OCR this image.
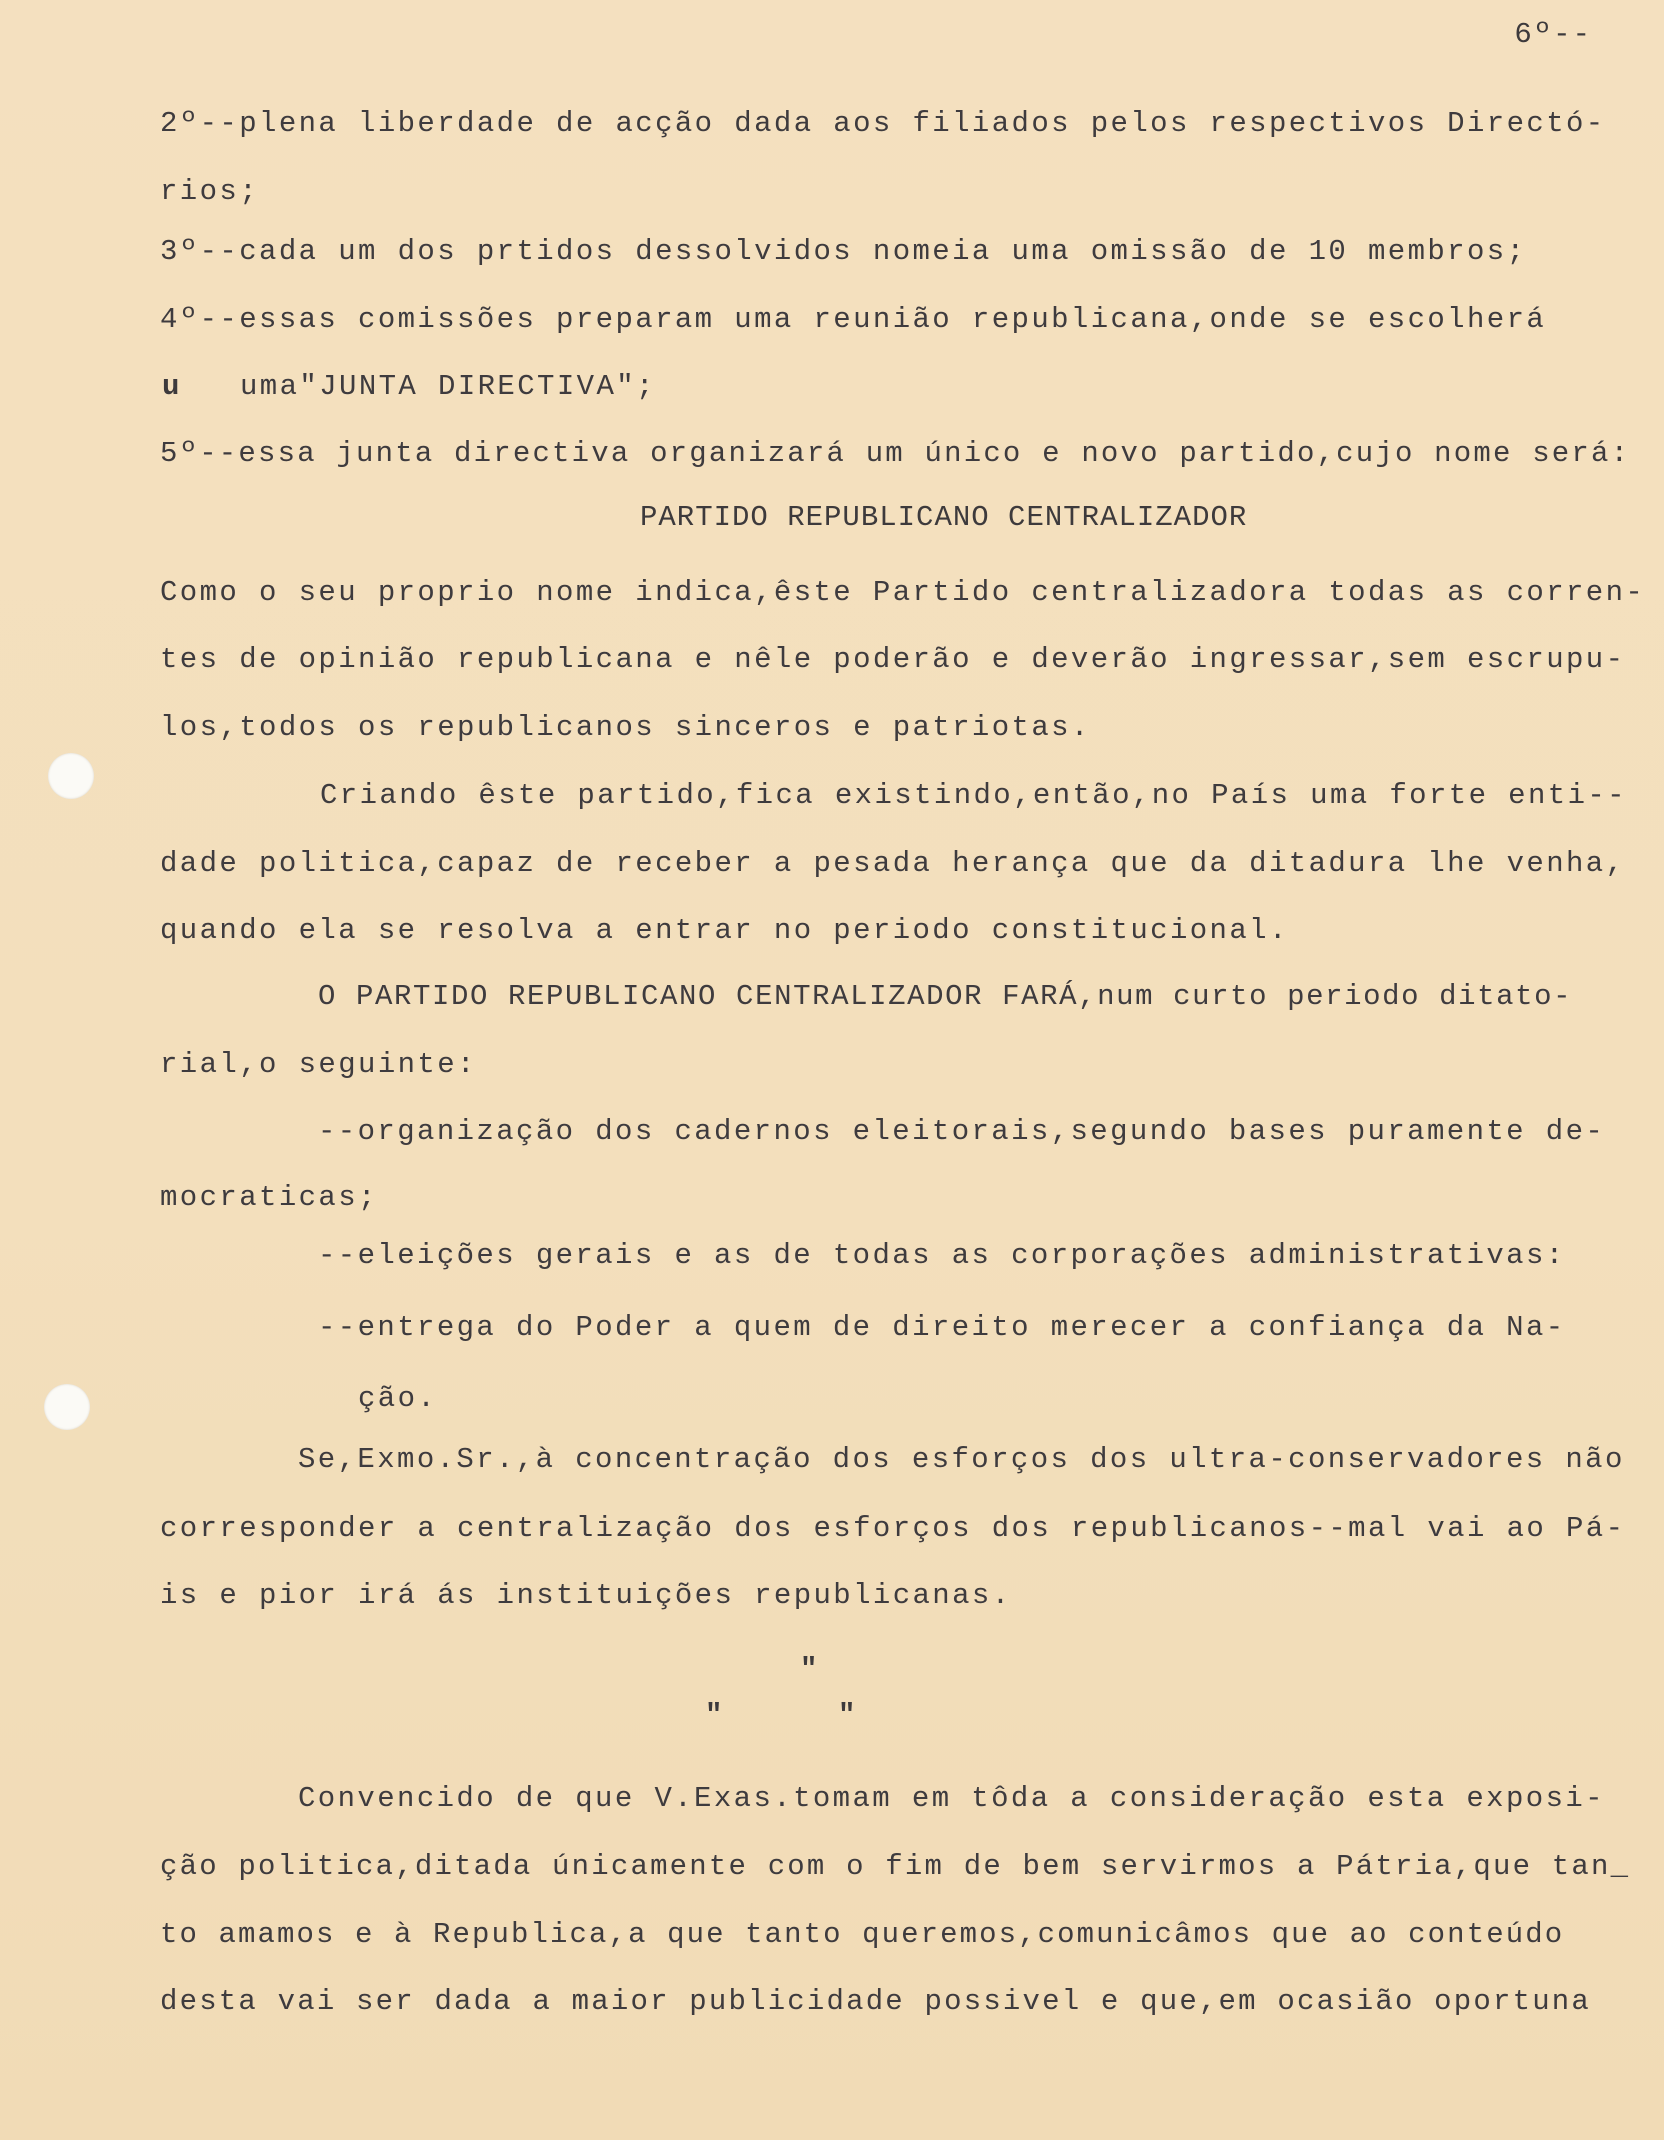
6º--
2º--plena liberdade de acção dada aos filiados pelos respectivos Directó-
rios;
3º--cada um dos prtidos dessolvidos nomeia uma omissão de 10 membros;
4º--essas comissões preparam uma reunião republicana,onde se escolherá
u uma"JUNTA DIRECTIVA";
5º--essa junta directiva organizará um único e novo partido,cujo nome será:
PARTIDO REPUBLICANO CENTRALIZADOR
Como o seu proprio nome indica,êste Partido centralizadora todas as corren-
tes de opinião republicana e nêle poderão e deverão ingressar,sem escrupu-
los,todos os republicanos sinceros e patriotas.
Criando êste partido,fica existindo,então,no País uma forte enti--
dade politica,capaz de receber a pesada herança que da ditadura lhe venha,
quando ela se resolva a entrar no periodo constitucional.
O PARTIDO REPUBLICANO CENTRALIZADOR FARÁ,num curto periodo ditato-
rial,o seguinte:
--organização dos cadernos eleitorais,segundo bases puramente de-
mocraticas;
--eleições gerais e as de todas as corporações administrativas:
--entrega do Poder a quem de direito merecer a confiança da Na-
ção.
Se,Exmo.Sr.,à concentração dos esforços dos ultra-conservadores não
corresponder a centralização dos esforços dos republicanos--mal vai ao Pá-
is e pior irá ás instituições republicanas.
"
"	"
Convencido de que V.Exas.tomam em tôda a consideração esta exposi-
ção politica,ditada únicamente com o fim de bem servirmos a Pátria,que tan_
to amamos e à Republica,a que tanto queremos,comunicâmos que ao conteúdo
desta vai ser dada a maior publicidade possivel e que,em ocasião oportuna
